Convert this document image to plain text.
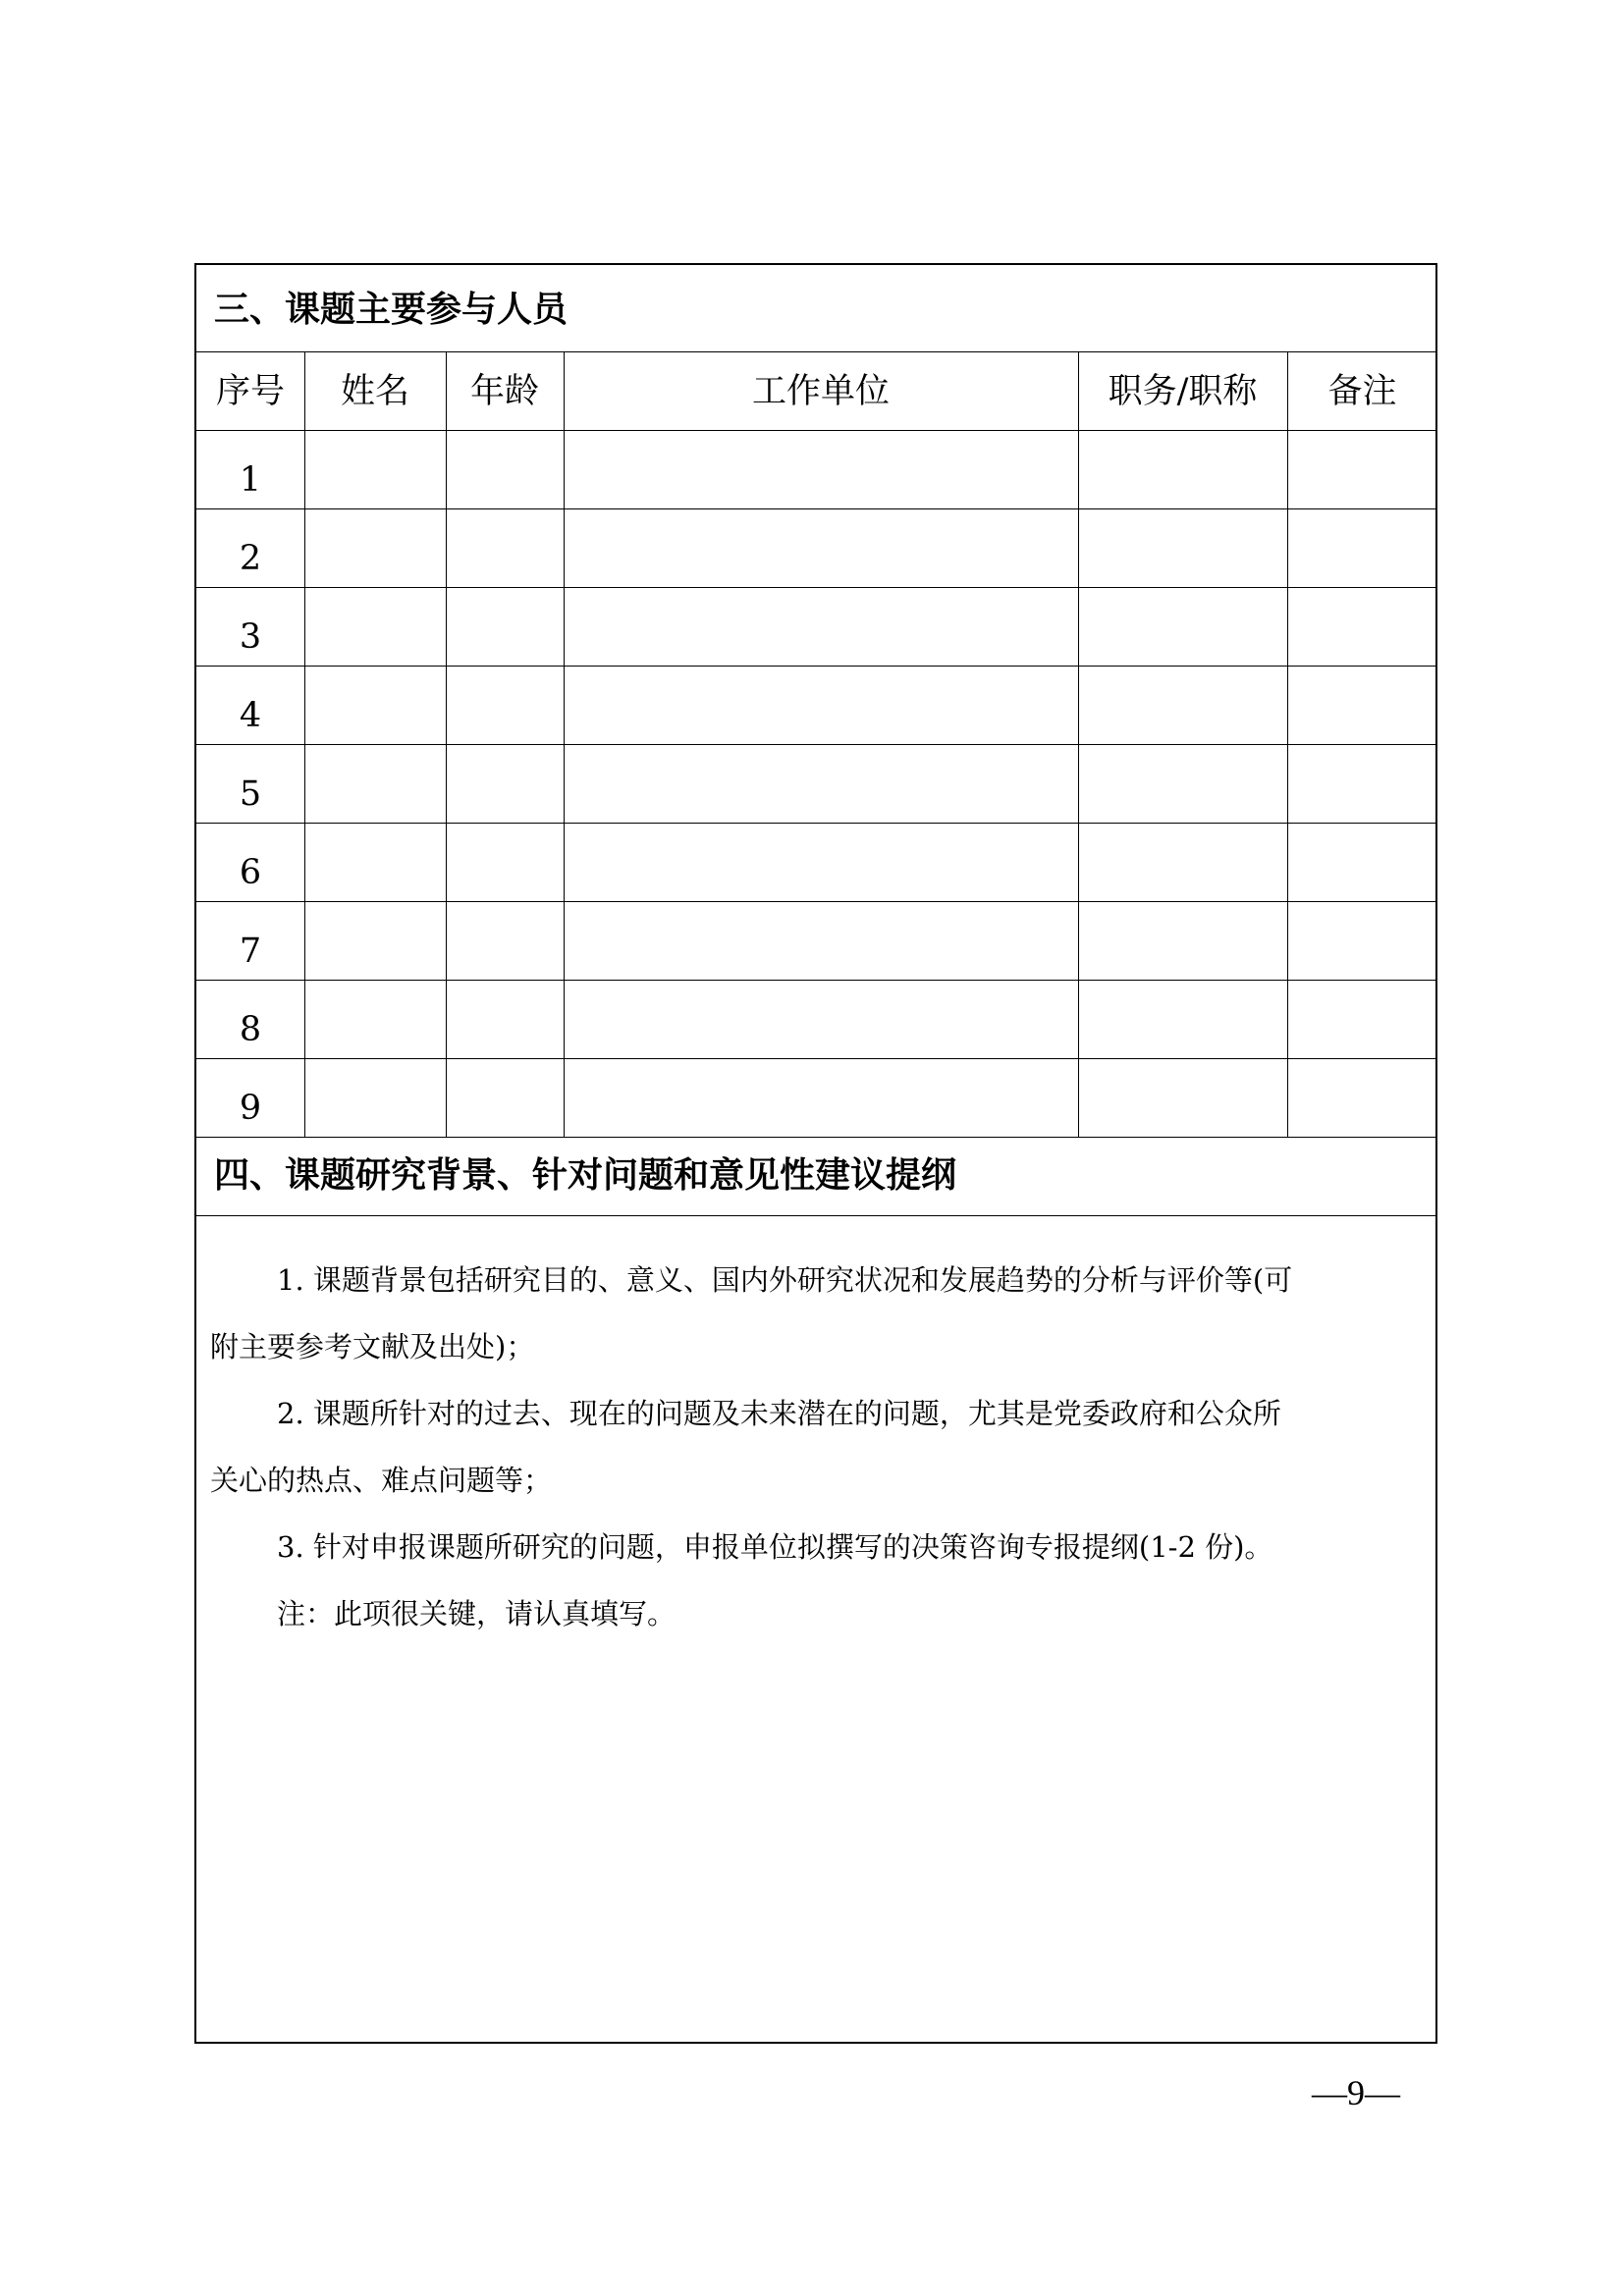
三、课题主要参与人员
序号	姓名	年龄	工作单位	职务/职称	备注
1
2
3
4
5
6
7
8
9
四、课题研究背景、针对问题和意见性建议提纲
1. 课题背景包括研究目的、意义、国内外研究状况和发展趋势的分析与评价等(可
附主要参考文献及出处)；
2. 课题所针对的过去、现在的问题及未来潜在的问题，尤其是党委政府和公众所
关心的热点、难点问题等；
3. 针对申报课题所研究的问题，申报单位拟撰写的决策咨询专报提纲(1-2 份)。
注：此项很关键，请认真填写。
—9—
